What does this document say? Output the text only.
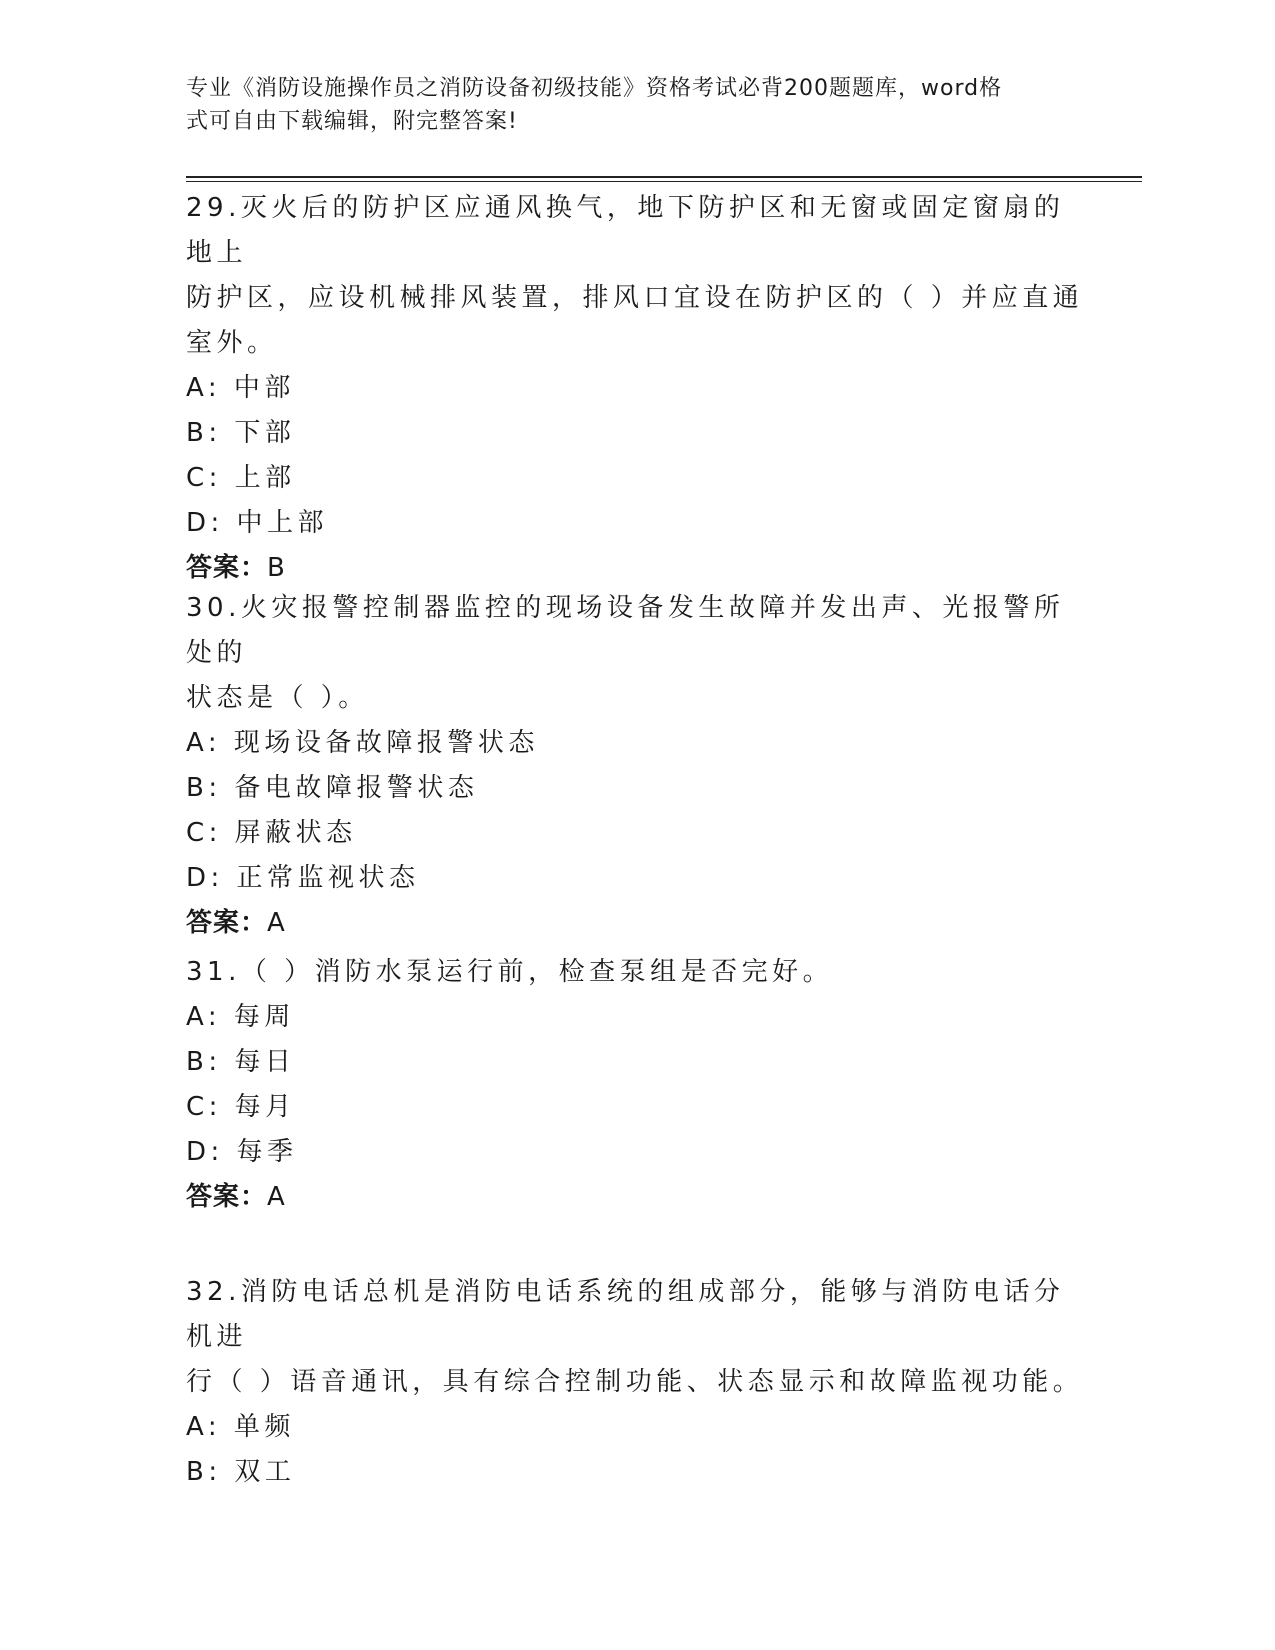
专业《消防设施操作员之消防设备初级技能》资格考试必背200题题库，word格
式可自由下载编辑，附完整答案!
29.灭火后的防护区应通风换气，地下防护区和无窗或固定窗扇的地上
防护区，应设机械排风装置，排风口宜设在防护区的（ ）并应直通
室外。
A: 中部
B: 下部
C: 上部
D: 中上部
答案：B
30.火灾报警控制器监控的现场设备发生故障并发出声、光报警所处的
状态是（ ）。
A: 现场设备故障报警状态
B: 备电故障报警状态
C: 屏蔽状态
D: 正常监视状态
答案：A
31.（ ）消防水泵运行前，检查泵组是否完好。
A: 每周
B: 每日
C: 每月
D: 每季
答案：A
32.消防电话总机是消防电话系统的组成部分，能够与消防电话分机进
行（ ）语音通讯，具有综合控制功能、状态显示和故障监视功能。
A: 单频
B: 双工
